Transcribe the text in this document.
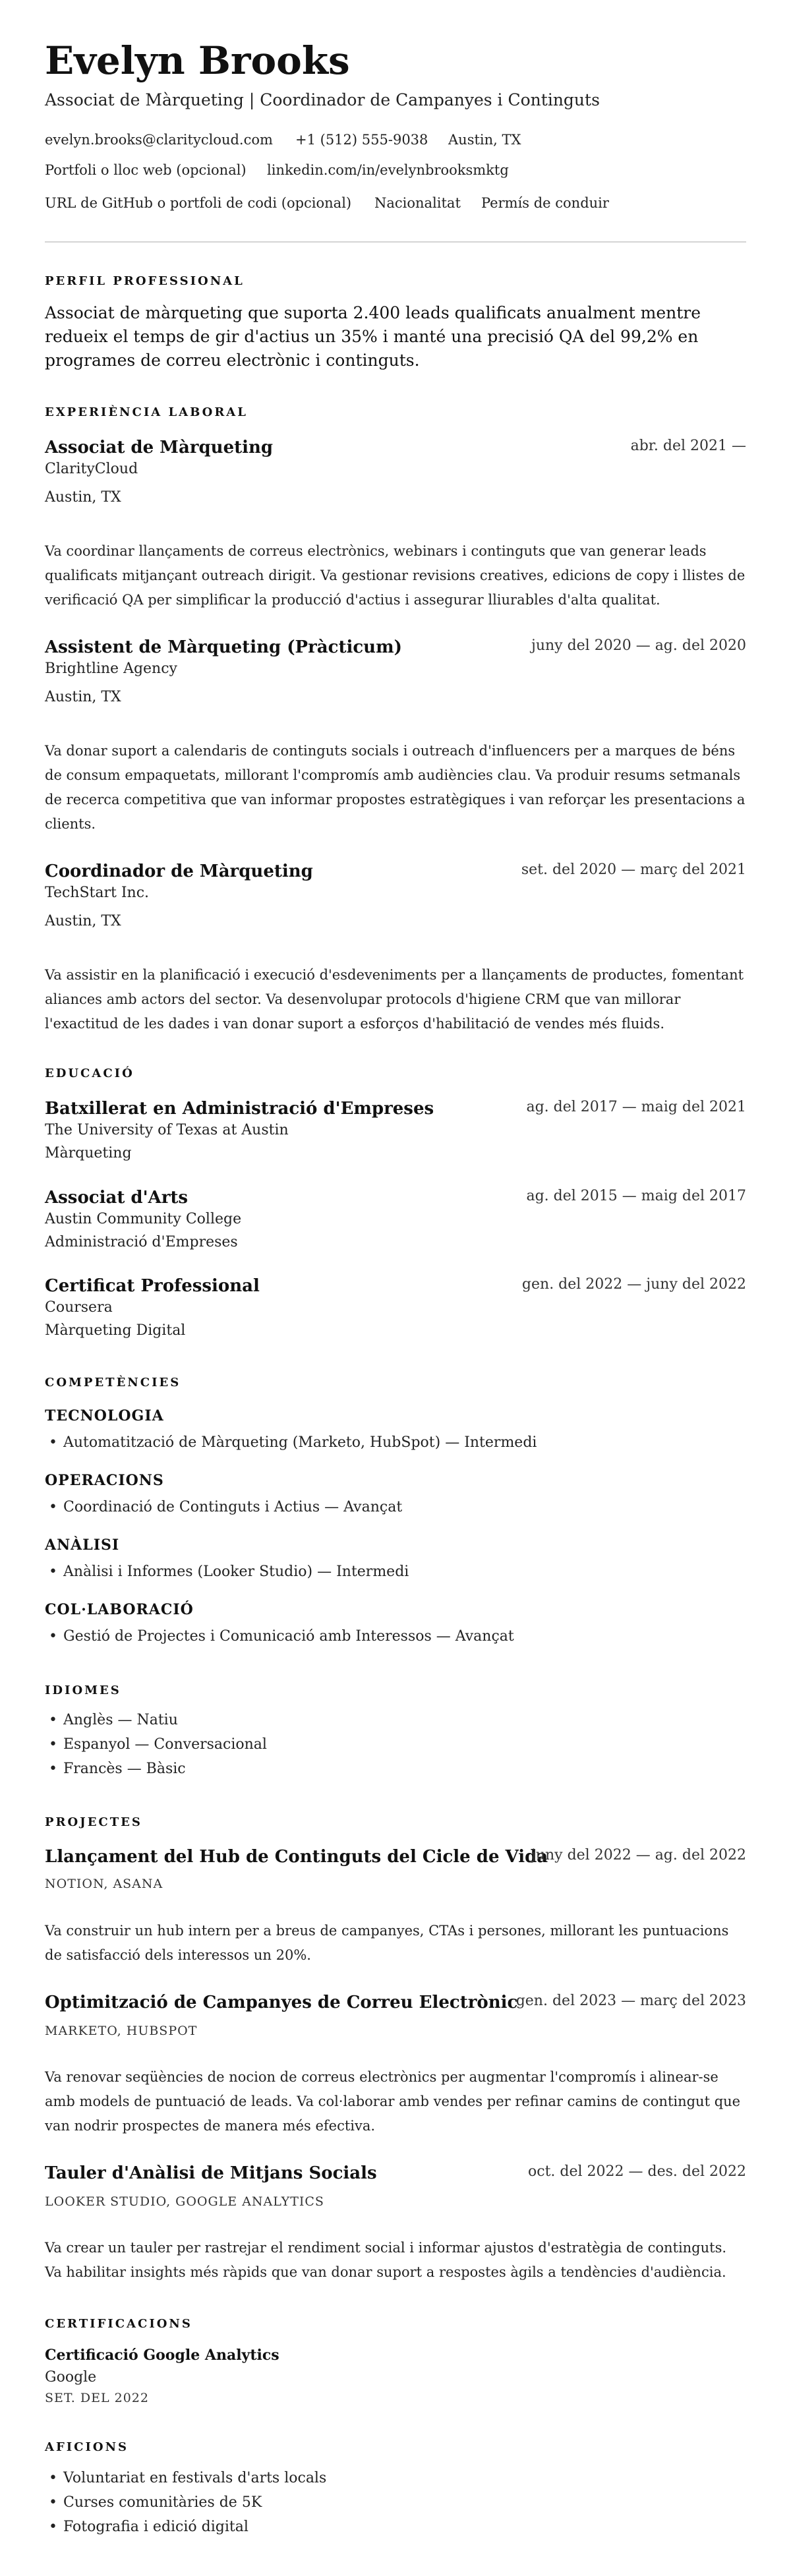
Evelyn Brooks
Associat de Màrqueting | Coordinador de Campanyes i Continguts
evelyn.brooks@claritycloud.com +1 (512) 555-9038 Austin, TX
Portfoli o lloc web (opcional) linkedin.com/in/evelynbrooksmktg
URL de GitHub o portfoli de codi (opcional) Nacionalitat Permís de conduir
PERFIL PROFESSIONAL
Associat de màrqueting que suporta 2.400 leads qualificats anualment mentre redueix el temps de gir d'actius un 35% i manté una precisió QA del 99,2% en programes de correu electrònic i continguts.
EXPERIÈNCIA LABORAL
Associat de Màrqueting	abr. del 2021 —
ClarityCloud
Austin, TX
Va coordinar llançaments de correus electrònics, webinars i continguts que van generar leads qualificats mitjançant outreach dirigit. Va gestionar revisions creatives, edicions de copy i llistes de verificació QA per simplificar la producció d'actius i assegurar lliurables d'alta qualitat.
Assistent de Màrqueting (Pràcticum)	juny del 2020 — ag. del 2020
Brightline Agency
Austin, TX
Va donar suport a calendaris de continguts socials i outreach d'influencers per a marques de béns de consum empaquetats, millorant l'compromís amb audiències clau. Va produir resums setmanals de recerca competitiva que van informar propostes estratègiques i van reforçar les presentacions a clients.
Coordinador de Màrqueting	set. del 2020 — març del 2021
TechStart Inc.
Austin, TX
Va assistir en la planificació i execució d'esdeveniments per a llançaments de productes, fomentant aliances amb actors del sector. Va desenvolupar protocols d'higiene CRM que van millorar l'exactitud de les dades i van donar suport a esforços d'habilitació de vendes més fluids.
EDUCACIÓ
Batxillerat en Administració d'Empreses	ag. del 2017 — maig del 2021
The University of Texas at Austin
Màrqueting
Associat d'Arts	ag. del 2015 — maig del 2017
Austin Community College
Administració d'Empreses
Certificat Professional	gen. del 2022 — juny del 2022
Coursera
Màrqueting Digital
COMPETÈNCIES
TECNOLOGIA
• Automatització de Màrqueting (Marketo, HubSpot) — Intermedi
OPERACIONS
• Coordinació de Continguts i Actius — Avançat
ANÀLISI
• Anàlisi i Informes (Looker Studio) — Intermedi
COL·LABORACIÓ
• Gestió de Projectes i Comunicació amb Interessos — Avançat
IDIOMES
• Anglès — Natiu
• Espanyol — Conversacional
• Francès — Bàsic
PROJECTES
Llançament del Hub de Continguts del Cicle de Vida
juny del 2022 — ag. del 2022
NOTION, ASANA
Va construir un hub intern per a breus de campanyes, CTAs i persones, millorant les puntuacions de satisfacció dels interessos un 20%.
Optimització de Campanyes de Correu Electrònic
gen. del 2023 — març del 2023
MARKETO, HUBSPOT
Va renovar seqüències de nocion de correus electrònics per augmentar l'compromís i alinear-se amb models de puntuació de leads. Va col·laborar amb vendes per refinar camins de contingut que van nodrir prospectes de manera més efectiva.
Tauler d'Anàlisi de Mitjans Socials	oct. del 2022 — des. del 2022
LOOKER STUDIO, GOOGLE ANALYTICS
Va crear un tauler per rastrejar el rendiment social i informar ajustos d'estratègia de continguts. Va habilitar insights més ràpids que van donar suport a respostes àgils a tendències d'audiència.
CERTIFICACIONS
Certificació Google Analytics
Google
SET. DEL 2022
AFICIONS
• Voluntariat en festivals d'arts locals
• Curses comunitàries de 5K
• Fotografia i edició digital
